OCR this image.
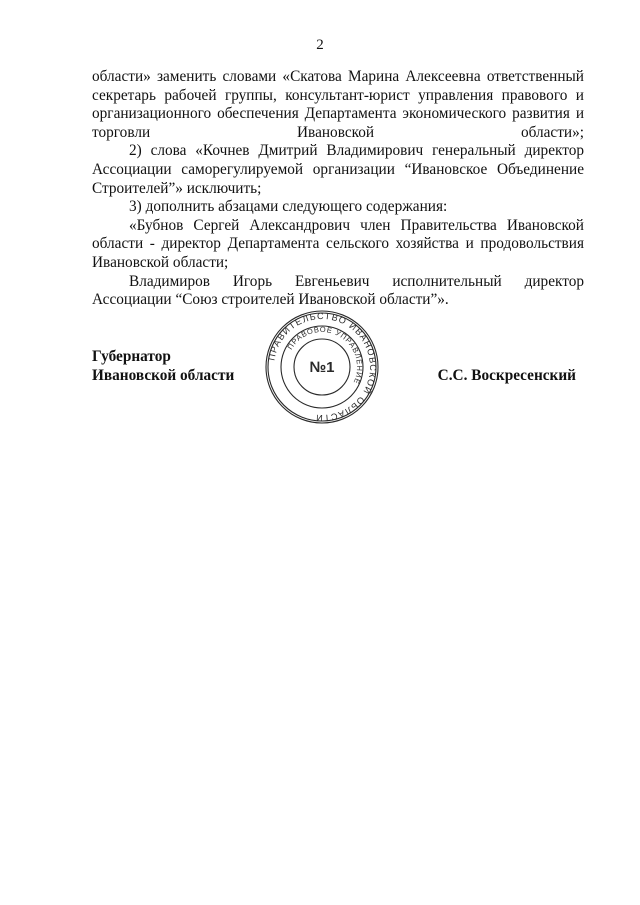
2

области» заменить словами «Скатова Марина Алексеевна ответственный секретарь рабочей группы, консультант-юрист управления правового и организационного обеспечения Департамента экономического развития и торговли Ивановской области»;

2) слова «Кочнев Дмитрий Владимирович генеральный директор Ассоциации саморегулируемой организации “Ивановское Объединение Строителей”» исключить;

3) дополнить абзацами следующего содержания:

«Бубнов Сергей Александрович член Правительства Ивановской области - директор Департамента сельского хозяйства и продовольствия Ивановской области;

Владимиров Игорь Евгеньевич исполнительный директор Ассоциации “Союз строителей Ивановской области”».

Губернатор
Ивановской области

ПРАВИТЕЛЬСТВО ИВАНОВСКОЙ ОБЛАСТИ
ПРАВОВОЕ УПРАВЛЕНИЕ
№1	С.С. Воскресенский
